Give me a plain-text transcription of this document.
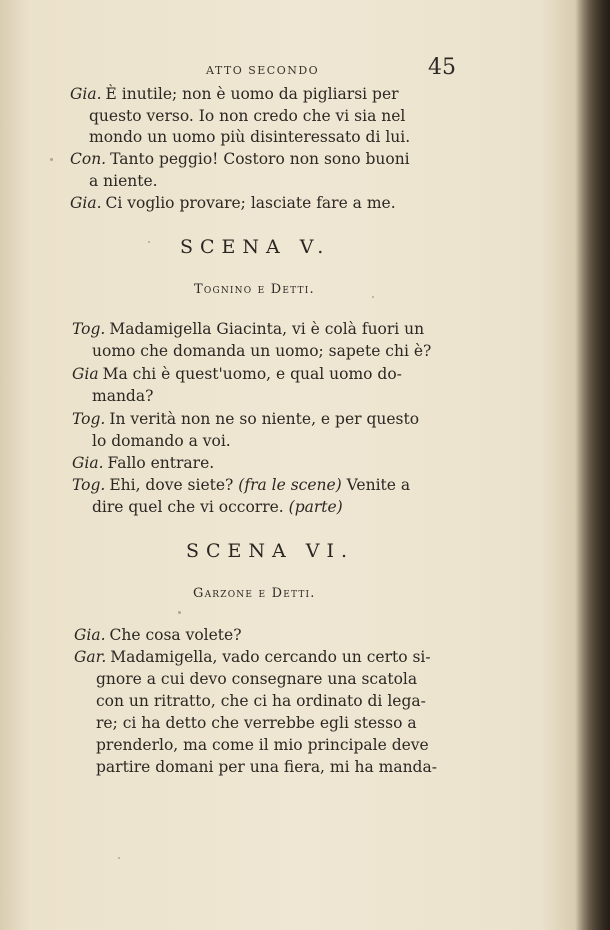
ATTO SECONDO	45
Gia. È inutile; non è uomo da pigliarsi per
questo verso. Io non credo che vi sia nel
mondo un uomo più disinteressato di lui.
Con. Tanto peggio! Costoro non sono buoni
a niente.
Gia. Ci voglio provare; lasciate fare a me.
SCENA V.
Tognino e Detti.
Tog. Madamigella Giacinta, vi è colà fuori un
uomo che domanda un uomo; sapete chi è?
Gia Ma chi è quest'uomo, e qual uomo do-
manda?
Tog. In verità non ne so niente, e per questo
lo domando a voi.
Gia. Fallo entrare.
Tog. Ehi, dove siete? (fra le scene) Venite a
dire quel che vi occorre. (parte)
SCENA VI.
Garzone e Detti.
Gia. Che cosa volete?
Gar. Madamigella, vado cercando un certo si-
gnore a cui devo consegnare una scatola
con un ritratto, che ci ha ordinato di lega-
re; ci ha detto che verrebbe egli stesso a
prenderlo, ma come il mio principale deve
partire domani per una fiera, mi ha manda-
